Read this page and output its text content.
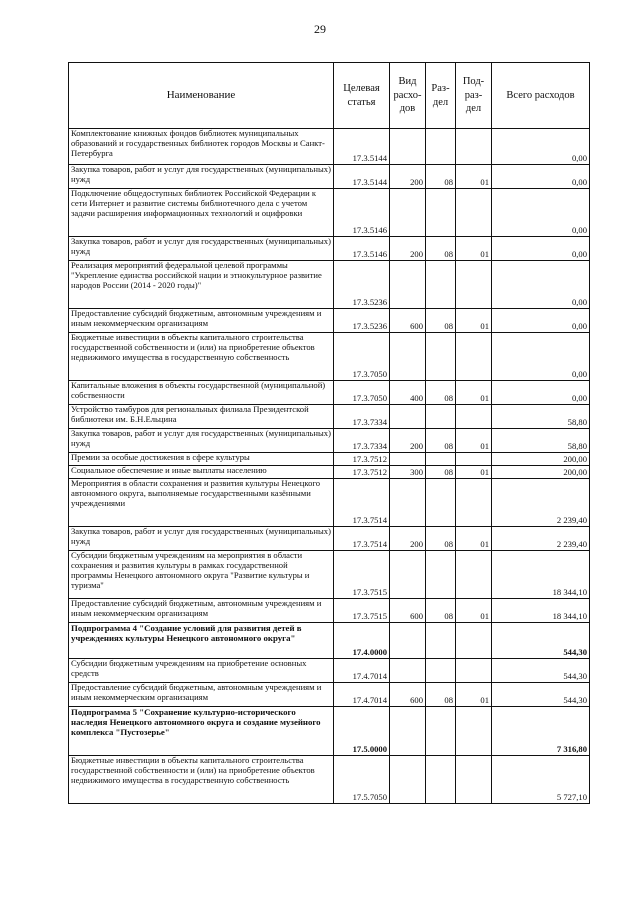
29
Наименование	Целевая статья	Вид расхо-дов	Раз-дел	Под-раз-дел	Всего расходов
Комплектование книжных фондов библиотек муниципальных образований и государственных библиотек городов Москвы и Санкт-Петербурга	17.3.5144				0,00
Закупка товаров, работ и услуг для государственных (муниципальных) нужд	17.3.5144	200	08	01	0,00
Подключение общедоступных библиотек Российской Федерации к сети Интернет и развитие системы библиотечного дела с учетом задачи расширения информационных технологий и оцифровки	17.3.5146				0,00
Закупка товаров, работ и услуг для государственных (муниципальных) нужд	17.3.5146	200	08	01	0,00
Реализация мероприятий федеральной целевой программы "Укрепление единства российской нации и этнокультурное развитие народов России (2014 - 2020 годы)"	17.3.5236				0,00
Предоставление субсидий бюджетным, автономным учреждениям и иным некоммерческим организациям	17.3.5236	600	08	01	0,00
Бюджетные инвестиции в объекты капитального строительства государственной собственности и (или) на приобретение объектов недвижимого имущества в государственную собственность	17.3.7050				0,00
Капитальные вложения в объекты государственной (муниципальной) собственности	17.3.7050	400	08	01	0,00
Устройство тамбуров для региональных филиала Президентской библиотеки им. Б.Н.Ельцина	17.3.7334				58,80
Закупка товаров, работ и услуг для государственных (муниципальных) нужд	17.3.7334	200	08	01	58,80
Премии за особые достижения в сфере культуры	17.3.7512				200,00
Социальное обеспечение и иные выплаты населению	17.3.7512	300	08	01	200,00
Мероприятия в области сохранения и развития культуры Ненецкого автономного округа, выполняемые государственными казёнными учреждениями	17.3.7514				2 239,40
Закупка товаров, работ и услуг для государственных (муниципальных) нужд	17.3.7514	200	08	01	2 239,40
Субсидии бюджетным учреждениям на мероприятия в области сохранения и развития культуры в рамках государственной программы Ненецкого автономного округа "Развитие культуры и туризма"	17.3.7515				18 344,10
Предоставление субсидий бюджетным, автономным учреждениям и иным некоммерческим организациям	17.3.7515	600	08	01	18 344,10
Подпрограмма 4 "Создание условий для развития детей в учреждениях культуры Ненецкого автономного округа"	17.4.0000				544,30
Субсидии бюджетным учреждениям на приобретение основных средств	17.4.7014				544,30
Предоставление субсидий бюджетным, автономным учреждениям и иным некоммерческим организациям	17.4.7014	600	08	01	544,30
Подпрограмма 5 "Сохранение культурно-исторического наследия Ненецкого автономного округа и создание музейного комплекса "Пустозерье"	17.5.0000				7 316,80
Бюджетные инвестиции в объекты капитального строительства государственной собственности и (или) на приобретение объектов недвижимого имущества в государственную собственность	17.5.7050				5 727,10
